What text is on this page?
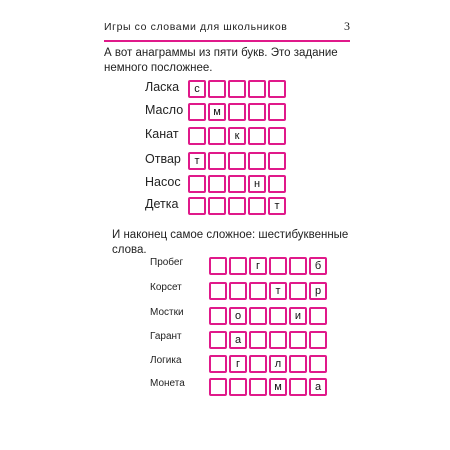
Игры со словами для школьников	3
А вот анаграммы из пяти букв. Это задание немного посложнее.
И наконец самое сложное: шестибуквенные слова.
Ласка	с
Масло	м
Канат	к
Отвар	т
Насос	н
Детка	т
Пробег	г	б
Корсет	т	р
Мостки	о	и
Гарант	а
Логика	г	л
Монета	м	а
